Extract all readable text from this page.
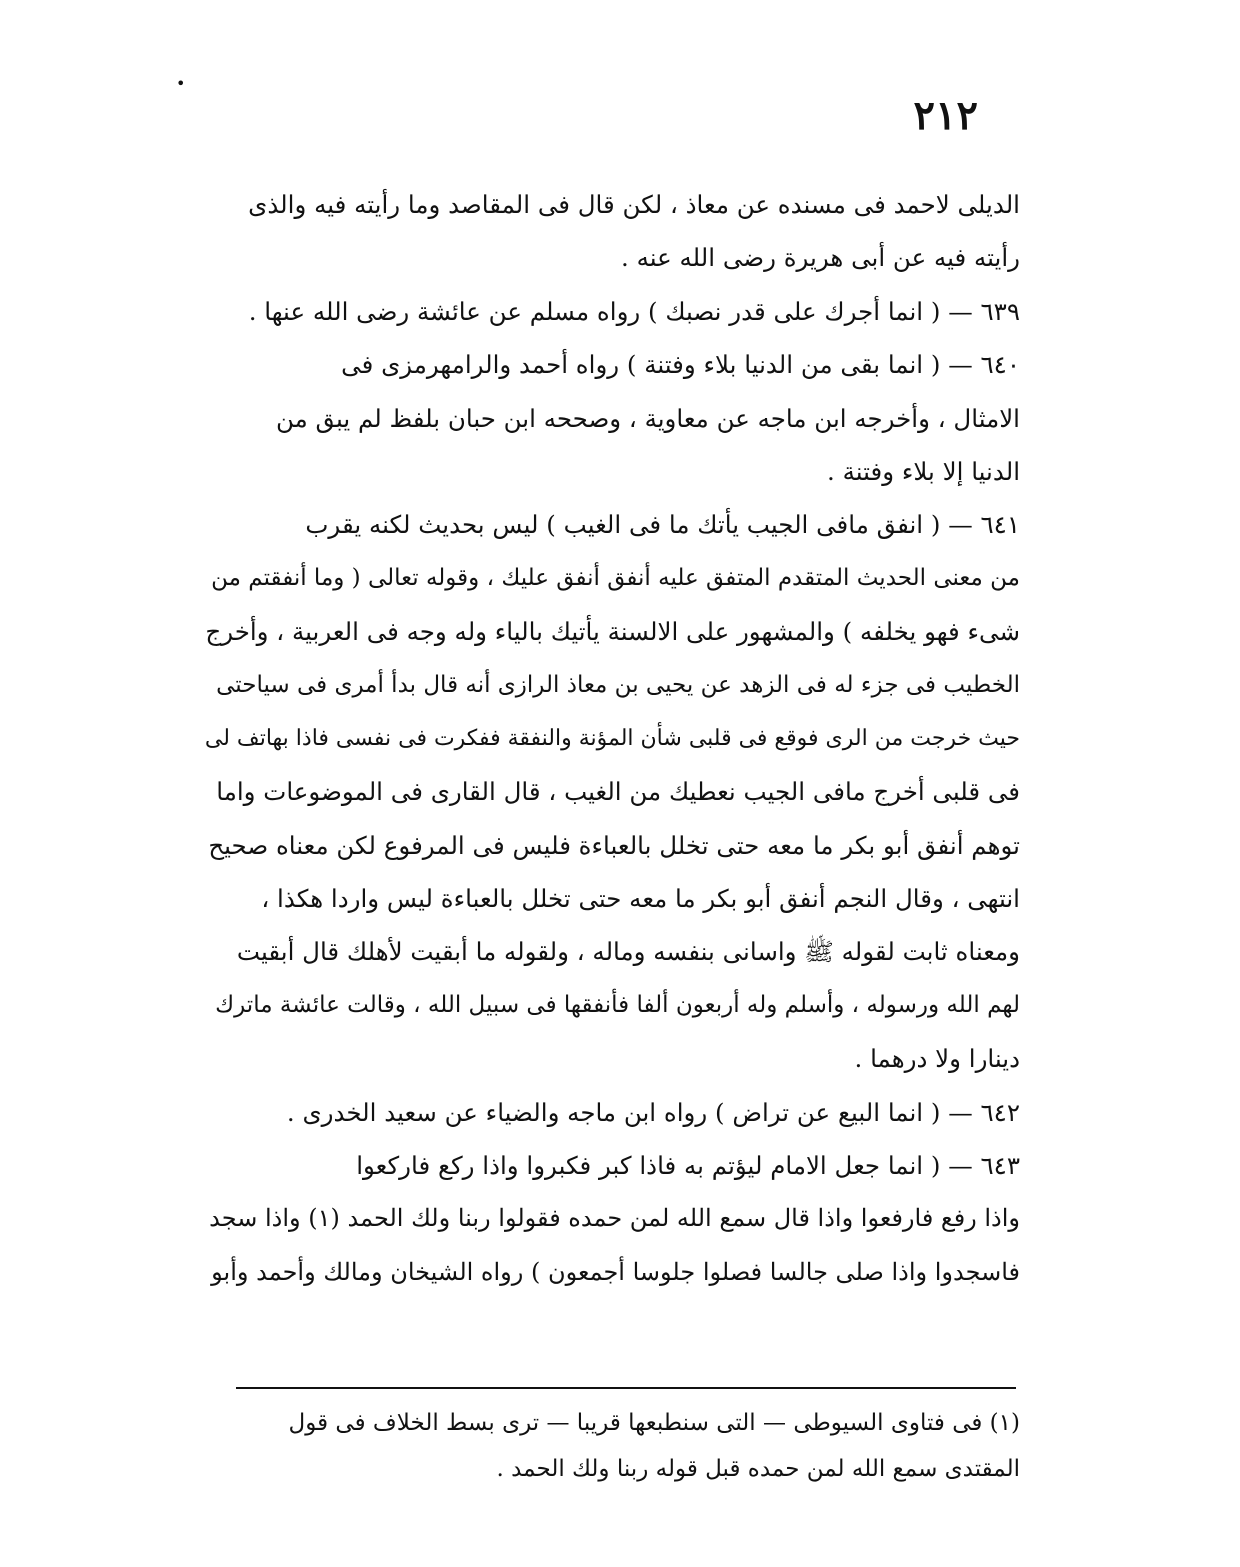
•
٢١٢
الديلى لاحمد فى مسنده عن معاذ ، لكن قال فى المقاصد وما رأيته فيه والذى
رأيته فيه عن أبى هريرة رضى الله عنه .
٦٣٩ — ( انما أجرك على قدر نصبك ) رواه مسلم عن عائشة رضى الله عنها .
٦٤٠ — ( انما بقى من الدنيا بلاء وفتنة ) رواه أحمد والرامهرمزى فى
الامثال ، وأخرجه ابن ماجه عن معاوية ، وصححه ابن حبان بلفظ لم يبق من
الدنيا إلا بلاء وفتنة .
٦٤١ — ( انفق مافى الجيب يأتك ما فى الغيب ) ليس بحديث لكنه يقرب
من معنى الحديث المتقدم المتفق عليه أنفق أنفق عليك ، وقوله تعالى ( وما أنفقتم من
شىء فهو يخلفه ) والمشهور على الالسنة يأتيك بالياء وله وجه فى العربية ، وأخرج
الخطيب فى جزء له فى الزهد عن يحيى بن معاذ الرازى أنه قال بدأ أمرى فى سياحتى
حيث خرجت من الرى فوقع فى قلبى شأن المؤنة والنفقة ففكرت فى نفسى فاذا بهاتف لى
فى قلبى أخرج مافى الجيب نعطيك من الغيب ، قال القارى فى الموضوعات واما
توهم أنفق أبو بكر ما معه حتى تخلل بالعباءة فليس فى المرفوع لكن معناه صحيح
انتهى ، وقال النجم أنفق أبو بكر ما معه حتى تخلل بالعباءة ليس واردا هكذا ،
ومعناه ثابت لقوله ﷺ واسانى بنفسه وماله ، ولقوله ما أبقيت لأهلك قال أبقيت
لهم الله ورسوله ، وأسلم وله أربعون ألفا فأنفقها فى سبيل الله ، وقالت عائشة ماترك
دينارا ولا درهما .
٦٤٢ — ( انما البيع عن تراض ) رواه ابن ماجه والضياء عن سعيد الخدرى .
٦٤٣ — ( انما جعل الامام ليؤتم به فاذا كبر فكبروا واذا ركع فاركعوا
واذا رفع فارفعوا واذا قال سمع الله لمن حمده فقولوا ربنا ولك الحمد (١) واذا سجد
فاسجدوا واذا صلى جالسا فصلوا جلوسا أجمعون ) رواه الشيخان ومالك وأحمد وأبو
(١) فى فتاوى السيوطى — التى سنطبعها قريبا — ترى بسط الخلاف فى قول
المقتدى سمع الله لمن حمده قبل قوله ربنا ولك الحمد .
